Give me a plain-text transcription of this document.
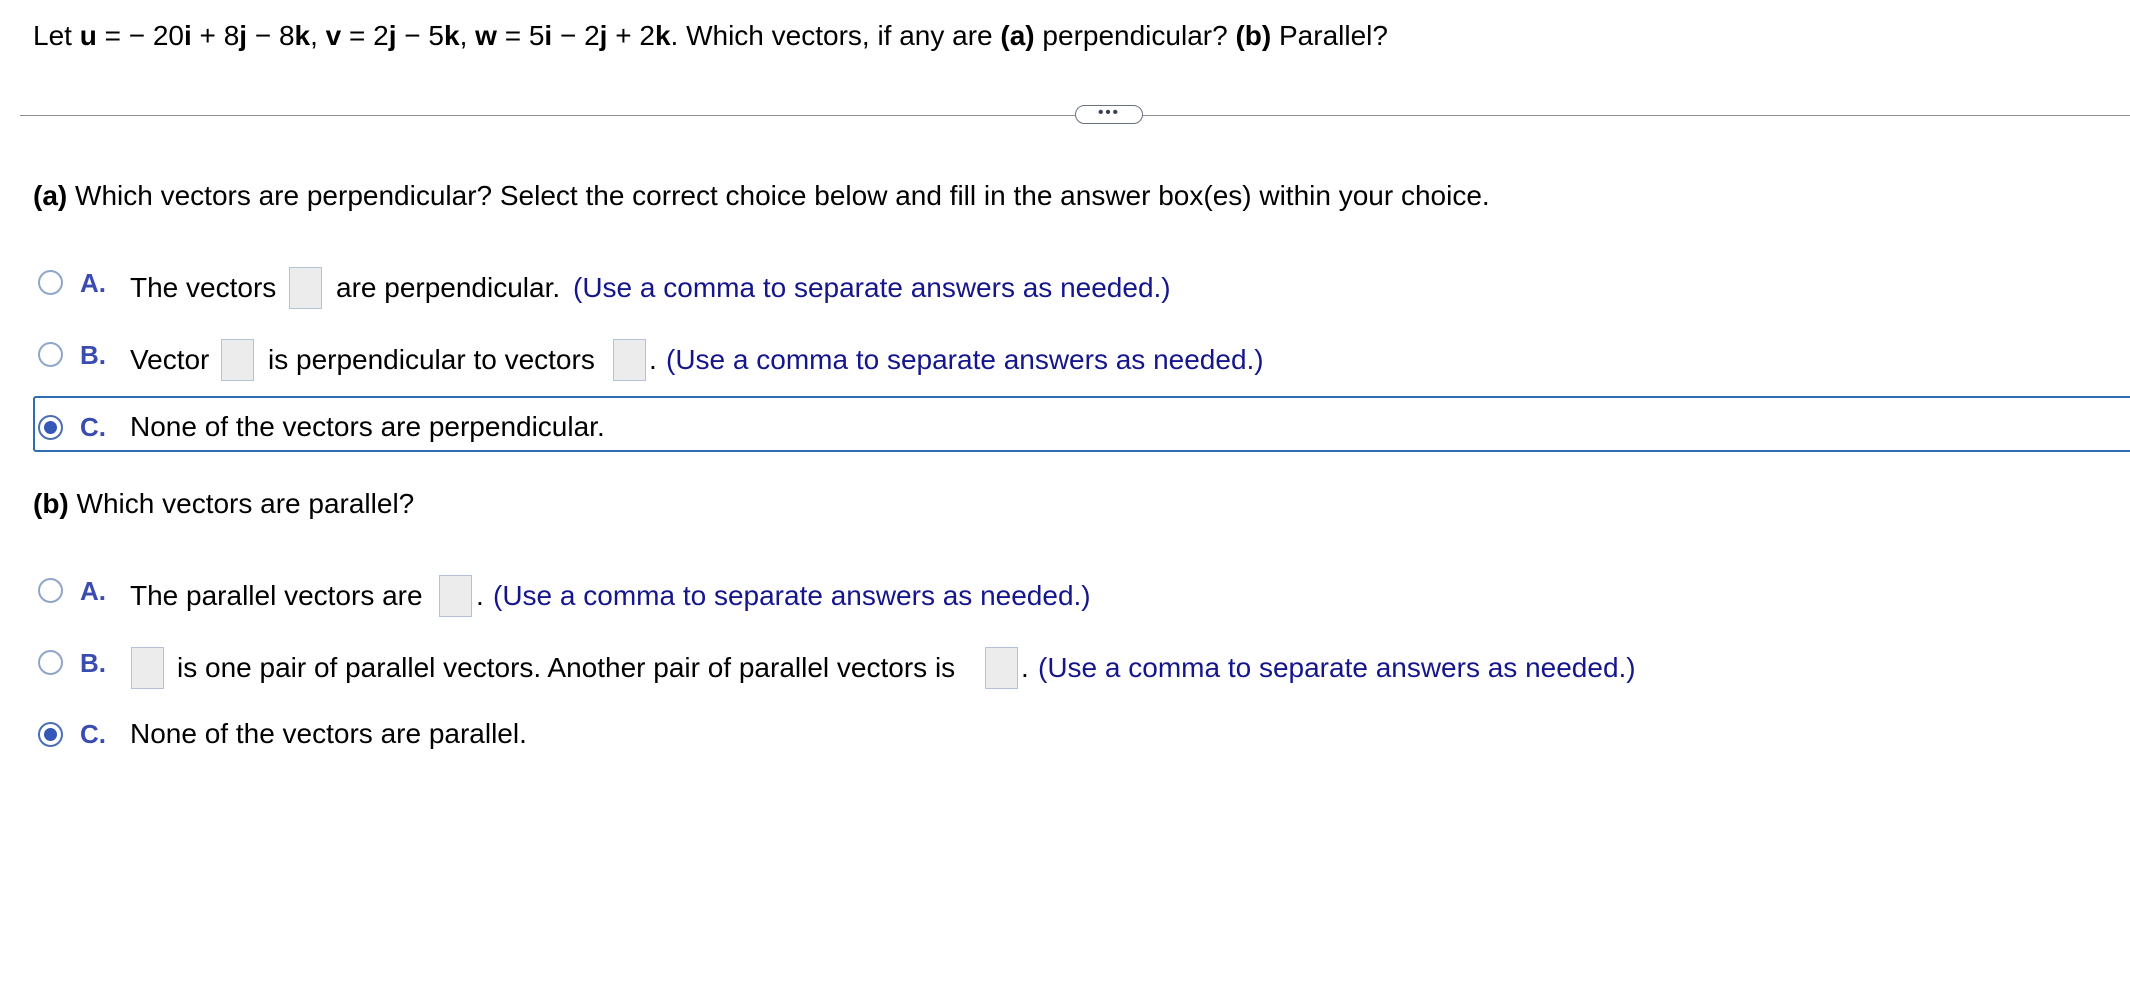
Let u = − 20i + 8j − 8k, v = 2j − 5k, w = 5i − 2j + 2k. Which vectors, if any are (a) perpendicular? (b) Parallel?
•••
(a) Which vectors are perpendicular? Select the correct choice below and fill in the answer box(es) within your choice.
A. The vectors are perpendicular. (Use a comma to separate answers as needed.)
B. Vector is perpendicular to vectors . (Use a comma to separate answers as needed.)
C. None of the vectors are perpendicular.
(b) Which vectors are parallel?
A. The parallel vectors are . (Use a comma to separate answers as needed.)
B.	is one pair of parallel vectors. Another pair of parallel vectors is . (Use a comma to separate answers as needed.)
C. None of the vectors are parallel.
